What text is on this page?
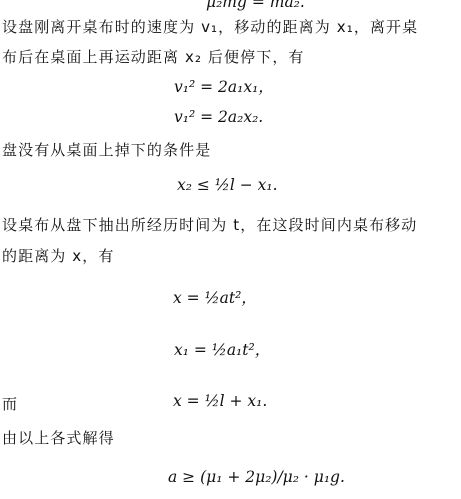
μ₂mg = ma₂.
设盘刚离开桌布时的速度为 v₁，移动的距离为 x₁，离开桌
布后在桌面上再运动距离 x₂ 后便停下，有
v₁² = 2a₁x₁，
v₁² = 2a₂x₂.
盘没有从桌面上掉下的条件是
x₂ ≤ ½l − x₁.
设桌布从盘下抽出所经历时间为 t，在这段时间内桌布移动
的距离为 x，有
x = ½at²，
x₁ = ½a₁t²，
而	x = ½l + x₁.
由以上各式解得
a ≥ (μ₁ + 2μ₂)/μ₂ · μ₁g.
